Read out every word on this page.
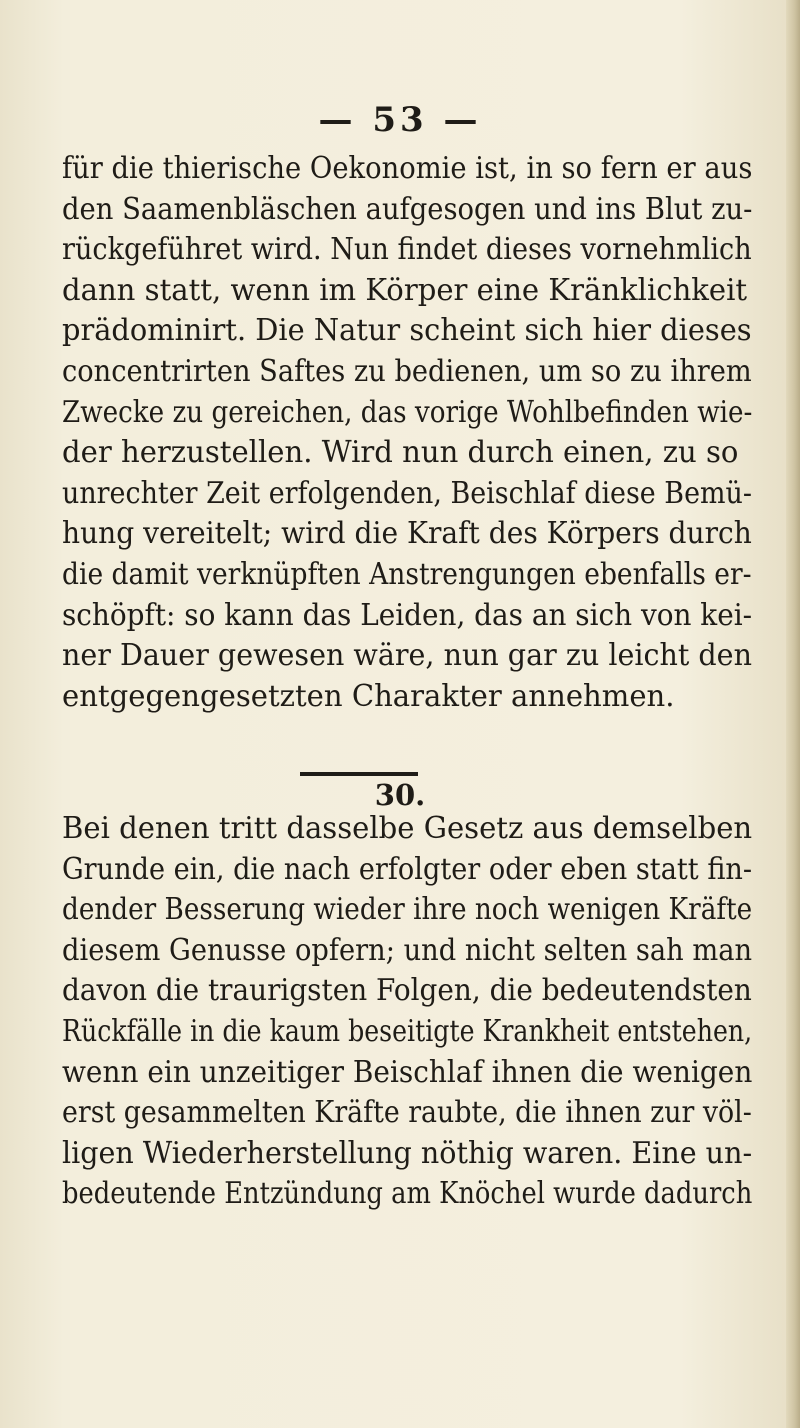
— 53 —
für die thierische Oekonomie ist, in so fern er aus
den Saamenbläschen aufgesogen und ins Blut zu-
rückgeführet wird. Nun findet dieses vornehmlich
dann statt, wenn im Körper eine Kränklichkeit
prädominirt. Die Natur scheint sich hier dieses
concentrirten Saftes zu bedienen, um so zu ihrem
Zwecke zu gereichen, das vorige Wohlbefinden wie-
der herzustellen. Wird nun durch einen, zu so
unrechter Zeit erfolgenden, Beischlaf diese Bemü-
hung vereitelt; wird die Kraft des Körpers durch
die damit verknüpften Anstrengungen ebenfalls er-
schöpft: so kann das Leiden, das an sich von kei-
ner Dauer gewesen wäre, nun gar zu leicht den
entgegengesetzten Charakter annehmen.
30.
Bei denen tritt dasselbe Gesetz aus demselben
Grunde ein, die nach erfolgter oder eben statt fin-
dender Besserung wieder ihre noch wenigen Kräfte
diesem Genusse opfern; und nicht selten sah man
davon die traurigsten Folgen, die bedeutendsten
Rückfälle in die kaum beseitigte Krankheit entstehen,
wenn ein unzeitiger Beischlaf ihnen die wenigen
erst gesammelten Kräfte raubte, die ihnen zur völ-
ligen Wiederherstellung nöthig waren. Eine un-
bedeutende Entzündung am Knöchel wurde dadurch
